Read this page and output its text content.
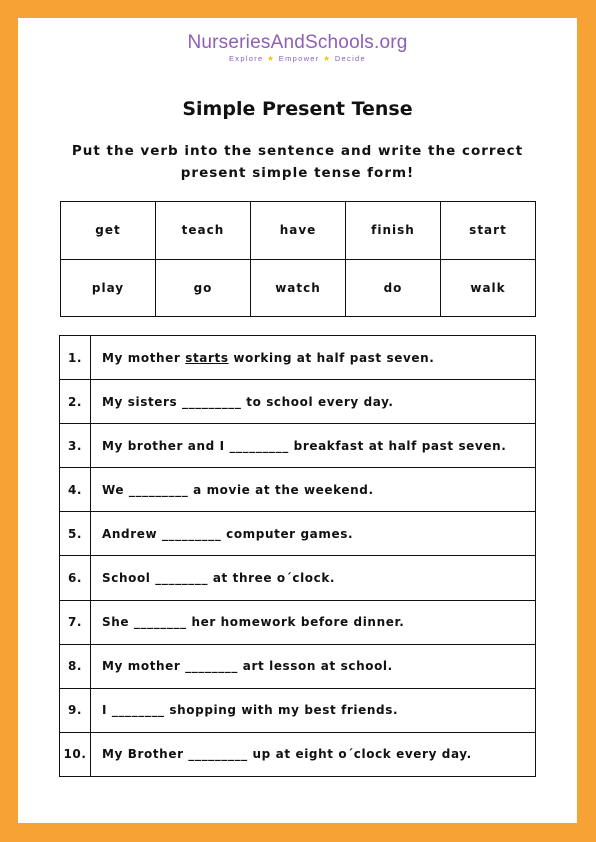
NurseriesAndSchools.org
Explore ★ Empower ★ Decide
Simple Present Tense
Put the verb into the sentence and write the correct
present simple tense form!
get	teach	have	finish	start
play	go	watch	do	walk
1.	My mother starts working at half past seven.
2.	My sisters _________ to school every day.
3.	My brother and I _________ breakfast at half past seven.
4.	We _________ a movie at the weekend.
5.	Andrew _________ computer games.
6.	School ________ at three o´clock.
7.	She ________ her homework before dinner.
8.	My mother ________ art lesson at school.
9.	I ________ shopping with my best friends.
10.	My Brother _________ up at eight o´clock every day.
